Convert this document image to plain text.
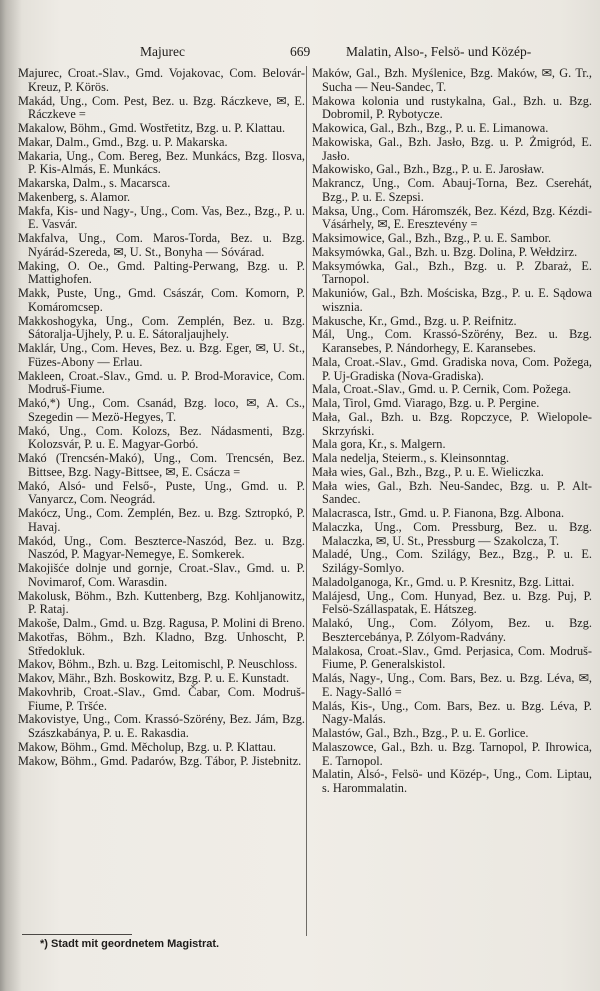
Majurec	669	Malatin, Also-, Felsö- und Közép-
Majurec, Croat.-Slav., Gmd. Vojakovac, Com. Belovár-Kreuz, P. Körös.
Makád, Ung., Com. Pest, Bez. u. Bzg. Ráczkeve, ✉, E. Ráczkeve =
Makalow, Böhm., Gmd. Wostřetitz, Bzg. u. P. Klattau.
Makar, Dalm., Gmd., Bzg. u. P. Makarska.
Makaria, Ung., Com. Bereg, Bez. Munkács, Bzg. Ilosva, P. Kis-Almás, E. Munkács.
Makarska, Dalm., s. Macarsca.
Makenberg, s. Alamor.
Makfa, Kis- und Nagy-, Ung., Com. Vas, Bez., Bzg., P. u. E. Vasvár.
Makfalva, Ung., Com. Maros-Torda, Bez. u. Bzg. Nyárád-Szereda, ✉, U. St., Bonyha — Sóvárad.
Making, O. Oe., Gmd. Palting-Perwang, Bzg. u. P. Mattighofen.
Makk, Puste, Ung., Gmd. Császár, Com. Komorn, P. Komáromcsep.
Makkoshogyka, Ung., Com. Zemplén, Bez. u. Bzg. Sátoralja-Ujhely, P. u. E. Sátoraljaujhely.
Maklár, Ung., Com. Heves, Bez. u. Bzg. Eger, ✉, U. St., Füzes-Abony — Erlau.
Makleen, Croat.-Slav., Gmd. u. P. Brod-Moravice, Com. Modruš-Fiume.
Makó,*) Ung., Com. Csanád, Bzg. loco, ✉, A. Cs., Szegedin — Mezö-Hegyes, T.
Makó, Ung., Com. Kolozs, Bez. Nádasmenti, Bzg. Kolozsvár, P. u. E. Magyar-Gorbó.
Makó (Trencsén-Makó), Ung., Com. Trencsén, Bez. Bittsee, Bzg. Nagy-Bittsee, ✉, E. Csácza =
Makó, Alsó- und Felső-, Puste, Ung., Gmd. u. P. Vanyarcz, Com. Neográd.
Makócz, Ung., Com. Zemplén, Bez. u. Bzg. Sztropkó, P. Havaj.
Makód, Ung., Com. Beszterce-Naszód, Bez. u. Bzg. Naszód, P. Magyar-Nemegye, E. Somkerek.
Makojišće dolnje und gornje, Croat.-Slav., Gmd. u. P. Novimarof, Com. Warasdin.
Makolusk, Böhm., Bzh. Kuttenberg, Bzg. Kohljanowitz, P. Rataj.
Makoše, Dalm., Gmd. u. Bzg. Ragusa, P. Molini di Breno.
Makotřas, Böhm., Bzh. Kladno, Bzg. Unhoscht, P. Středokluk.
Makov, Böhm., Bzh. u. Bzg. Leitomischl, P. Neuschloss.
Makov, Mähr., Bzh. Boskowitz, Bzg. P. u. E. Kunstadt.
Makovhrib, Croat.-Slav., Gmd. Čabar, Com. Modruš-Fiume, P. Tršće.
Makovistye, Ung., Com. Krassó-Szörény, Bez. Jám, Bzg. Szászkabánya, P. u. E. Rakasdia.
Makow, Böhm., Gmd. Měcholup, Bzg. u. P. Klattau.
Makow, Böhm., Gmd. Padarów, Bzg. Tábor, P. Jistebnitz.
Maków, Gal., Bzh. Myślenice, Bzg. Maków, ✉, G. Tr., Sucha — Neu-Sandec, T.
Makowa kolonia und rustykalna, Gal., Bzh. u. Bzg. Dobromil, P. Rybotycze.
Makowica, Gal., Bzh., Bzg., P. u. E. Limanowa.
Makowiska, Gal., Bzh. Jasło, Bzg. u. P. Żmigród, E. Jasło.
Makowisko, Gal., Bzh., Bzg., P. u. E. Jarosław.
Makrancz, Ung., Com. Abauj-Torna, Bez. Cserehát, Bzg., P. u. E. Szepsi.
Maksa, Ung., Com. Háromszék, Bez. Kézd, Bzg. Kézdi-Vásárhely, ✉, E. Eresztevény =
Maksimowice, Gal., Bzh., Bzg., P. u. E. Sambor.
Maksymówka, Gal., Bzh. u. Bzg. Dolina, P. Wełdzirz.
Maksymówka, Gal., Bzh., Bzg. u. P. Zbaraż, E. Tarnopol.
Makuniów, Gal., Bzh. Mościska, Bzg., P. u. E. Sądowa wisznia.
Makusche, Kr., Gmd., Bzg. u. P. Reifnitz.
Mál, Ung., Com. Krassó-Szörény, Bez. u. Bzg. Karansebes, P. Nándorhegy, E. Karansebes.
Mala, Croat.-Slav., Gmd. Gradiska nova, Com. Požega, P. Uj-Gradiska (Nova-Gradiska).
Mala, Croat.-Slav., Gmd. u. P. Cernik, Com. Požega.
Mala, Tirol, Gmd. Viarago, Bzg. u. P. Pergine.
Mała, Gal., Bzh. u. Bzg. Ropczyce, P. Wielopole-Skrzyński.
Mala gora, Kr., s. Malgern.
Mala nedelja, Steierm., s. Kleinsonntag.
Mała wies, Gal., Bzh., Bzg., P. u. E. Wieliczka.
Mała wies, Gal., Bzh. Neu-Sandec, Bzg. u. P. Alt-Sandec.
Malacrasca, Istr., Gmd. u. P. Fianona, Bzg. Albona.
Malaczka, Ung., Com. Pressburg, Bez. u. Bzg. Malaczka, ✉, U. St., Pressburg — Szakolcza, T.
Maladé, Ung., Com. Szilágy, Bez., Bzg., P. u. E. Szilágy-Somlyo.
Maladolganoga, Kr., Gmd. u. P. Kresnitz, Bzg. Littai.
Malájesd, Ung., Com. Hunyad, Bez. u. Bzg. Puj, P. Felsö-Szállaspatak, E. Hátszeg.
Malakó, Ung., Com. Zólyom, Bez. u. Bzg. Besztercebánya, P. Zólyom-Radvány.
Malakosa, Croat.-Slav., Gmd. Perjasica, Com. Modruš-Fiume, P. Generalskistol.
Malás, Nagy-, Ung., Com. Bars, Bez. u. Bzg. Léva, ✉, E. Nagy-Salló =
Malás, Kis-, Ung., Com. Bars, Bez. u. Bzg. Léva, P. Nagy-Malás.
Malastów, Gal., Bzh., Bzg., P. u. E. Gorlice.
Malaszowce, Gal., Bzh. u. Bzg. Tarnopol, P. Ihrowica, E. Tarnopol.
Malatin, Alsó-, Felsö- und Közép-, Ung., Com. Liptau, s. Harommalatin.
*) Stadt mit geordnetem Magistrat.
